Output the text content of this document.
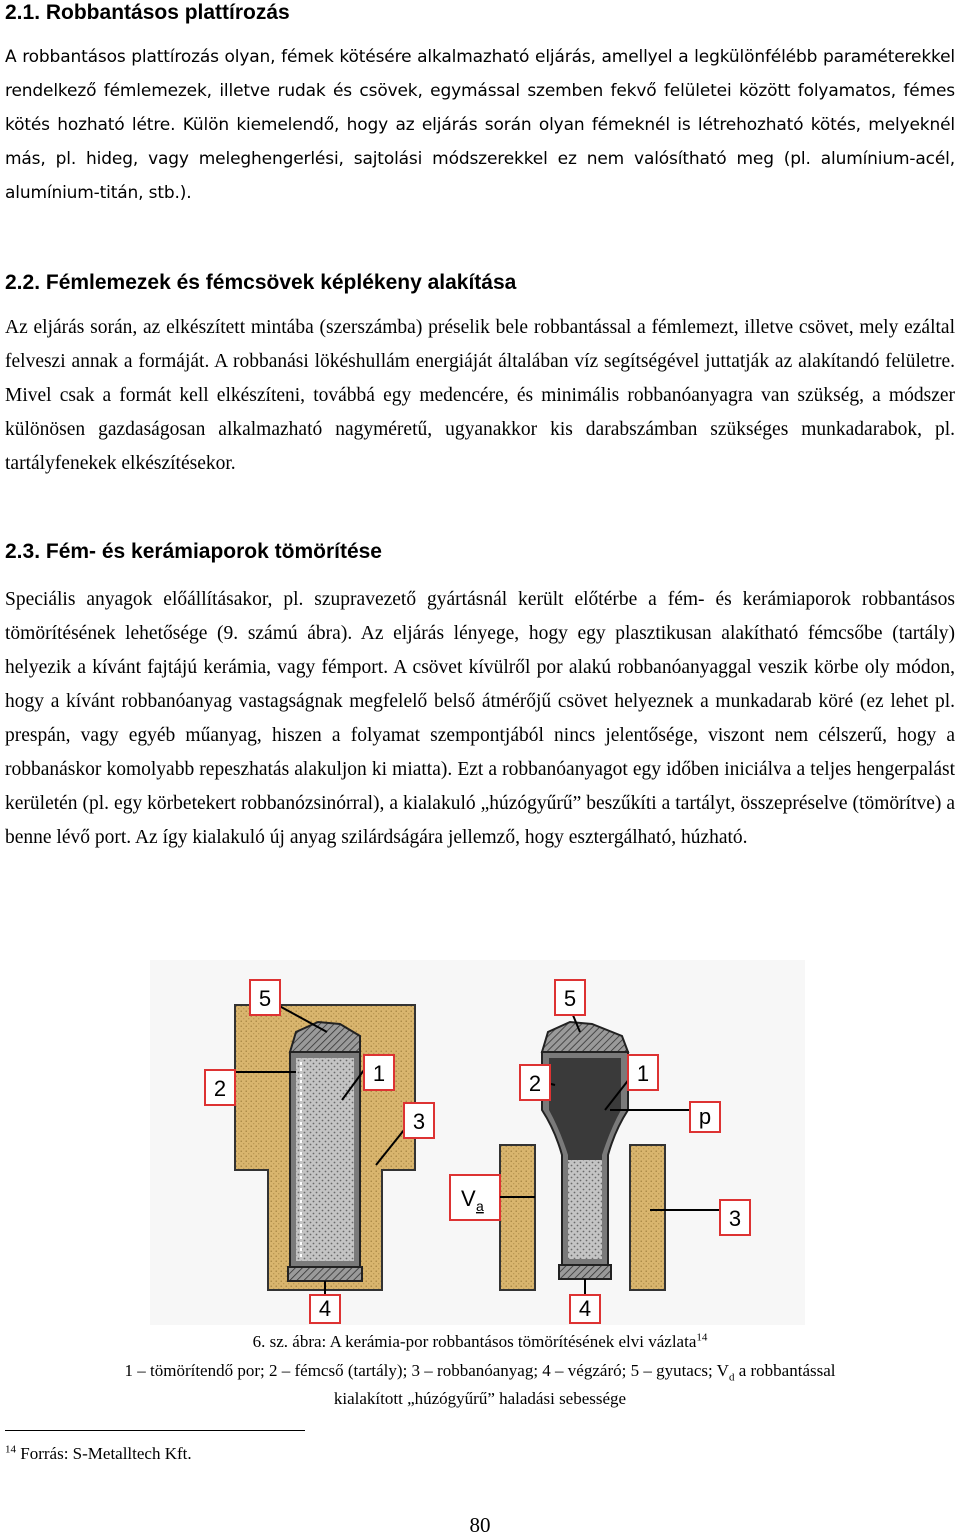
2.1. Robbantásos plattírozás

A robbantásos plattírozás olyan, fémek kötésére alkalmazható eljárás, amellyel a legkülönfélébb paraméterekkel rendelkező fémlemezek, illetve rudak és csövek, egymással szemben fekvő felületei között folyamatos, fémes kötés hozható létre. Külön kiemelendő, hogy az eljárás során olyan fémeknél is létrehozható kötés, melyeknél más, pl. hideg, vagy meleghengerlési, sajtolási módszerekkel ez nem valósítható meg (pl. alumínium-acél, alumínium-titán, stb.).

2.2. Fémlemezek és fémcsövek képlékeny alakítása

Az eljárás során, az elkészített mintába (szerszámba) préselik bele robbantással a fémlemezt, illetve csövet, mely ezáltal felveszi annak a formáját. A robbanási lökéshullám energiáját általában víz segítségével juttatják az alakítandó felületre. Mivel csak a formát kell elkészíteni, továbbá egy medencére, és minimális robbanóanyagra van szükség, a módszer különösen gazdaságosan alkalmazható nagyméretű, ugyanakkor kis darabszámban szükséges munkadarabok, pl. tartályfenekek elkészítésekor.

2.3. Fém- és kerámiaporok tömörítése

Speciális anyagok előállításakor, pl. szupravezető gyártásnál került előtérbe a fém- és kerámiaporok robbantásos tömörítésének lehetősége (9. számú ábra). Az eljárás lényege, hogy egy plasztikusan alakítható fémcsőbe (tartály) helyezik a kívánt fajtájú kerámia, vagy fémport. A csövet kívülről por alakú robbanóanyaggal veszik körbe oly módon, hogy a kívánt robbanóanyag vastagságnak megfelelő belső átmérőjű csövet helyeznek a munkadarab köré (ez lehet pl. prespán, vagy egyéb műanyag, hiszen a folyamat szempontjából nincs jelentősége, viszont nem célszerű, hogy a robbanáskor komolyabb repeszhatás alakuljon ki miatta). Ezt a robbanóanyagot egy időben iniciálva a teljes hengerpalást kerületén (pl. egy körbetekert robbanózsinórral), a kialakuló „húzógyűrű” beszűkíti a tartályt, összepréselve (tömörítve) a benne lévő port. Az így kialakuló új anyag szilárdságára jellemző, hogy esztergálható, húzható.

5
2
1
3
4
5
2	1
p
3
4
V a

6. sz. ábra: A kerámia-por robbantásos tömörítésének elvi vázlata$^{14}$

1 – tömörítendő por; 2 – fémcső (tartály); 3 – robbanóanyag; 4 – végzáró; 5 – gyutacs; $V_d$ a robbantással

kialakított „húzógyűrű” haladási sebessége

$^{14}$ Forrás: S-Metalltech Kft.

80
